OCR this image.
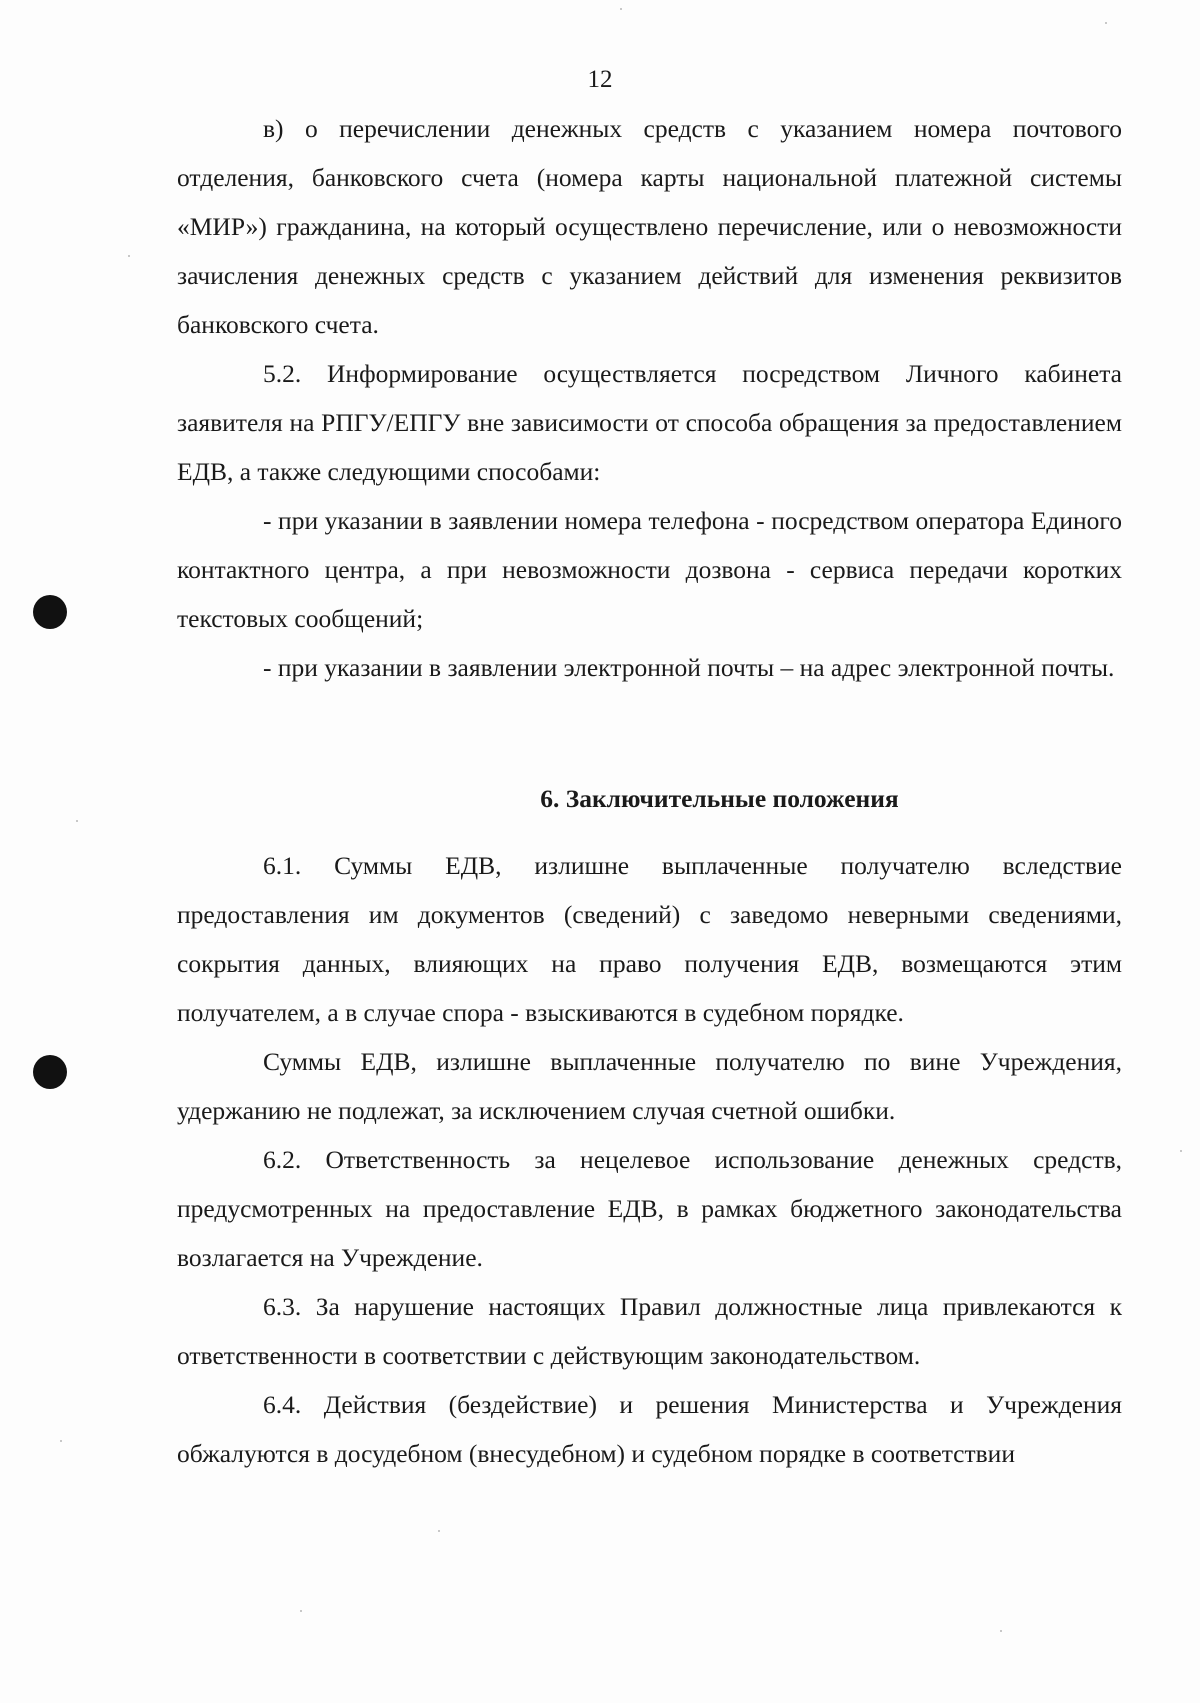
12

в) о перечислении денежных средств с указанием номера почтового отделения, банковского счета (номера карты национальной платежной системы «МИР») гражданина, на который осуществлено перечисление, или о невозможности зачисления денежных средств с указанием действий для изменения реквизитов банковского счета.

5.2. Информирование осуществляется посредством Личного кабинета заявителя на РПГУ/ЕПГУ вне зависимости от способа обращения за предоставлением ЕДВ, а также следующими способами:

- при указании в заявлении номера телефона - посредством оператора Единого контактного центра, а при невозможности дозвона - сервиса передачи коротких текстовых сообщений;

- при указании в заявлении электронной почты – на адрес электронной почты.

6. Заключительные положения

6.1. Суммы ЕДВ, излишне выплаченные получателю вследствие предоставления им документов (сведений) с заведомо неверными сведениями, сокрытия данных, влияющих на право получения ЕДВ, возмещаются этим получателем, а в случае спора - взыскиваются в судебном порядке.

Суммы ЕДВ, излишне выплаченные получателю по вине Учреждения, удержанию не подлежат, за исключением случая счетной ошибки.

6.2. Ответственность за нецелевое использование денежных средств, предусмотренных на предоставление ЕДВ, в рамках бюджетного законодательства возлагается на Учреждение.

6.3. За нарушение настоящих Правил должностные лица привлекаются к ответственности в соответствии с действующим законодательством.

6.4. Действия (бездействие) и решения Министерства и Учреждения обжалуются в досудебном (внесудебном) и судебном порядке в соответствии
